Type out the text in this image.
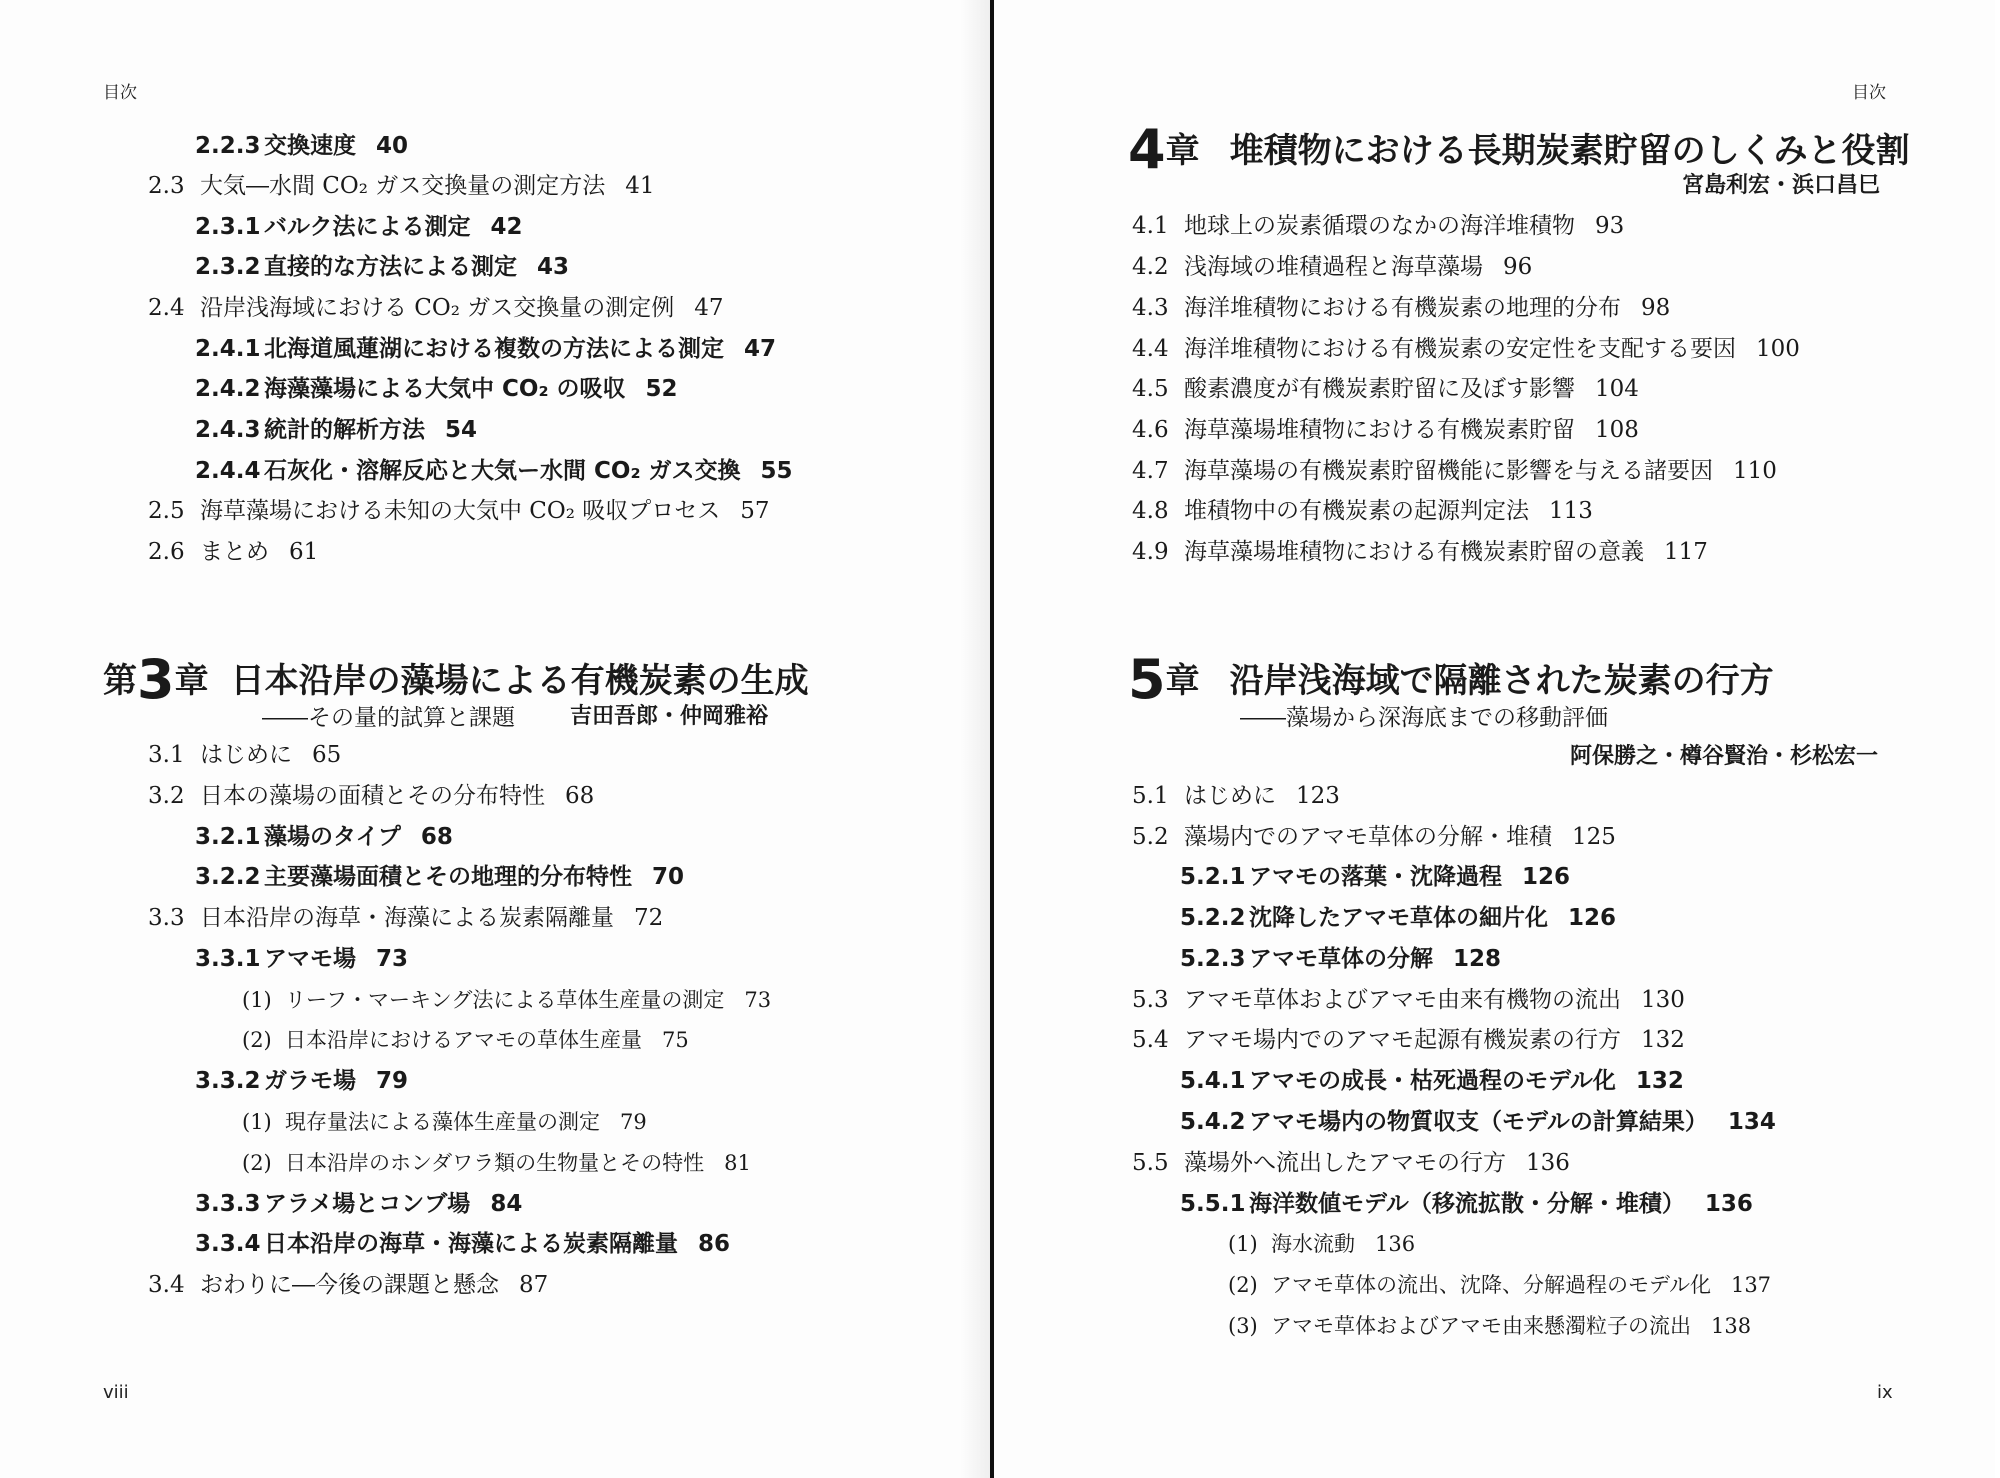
目次
2.2.3 交換速度 40
2.3 大気―水間 CO₂ ガス交換量の測定方法 41
2.3.1 バルク法による測定 42
2.3.2 直接的な方法による測定 43
2.4 沿岸浅海域における CO₂ ガス交換量の測定例 47
2.4.1 北海道風蓮湖における複数の方法による測定 47
2.4.2 海藻藻場による大気中 CO₂ の吸収 52
2.4.3 統計的解析方法 54
2.4.4 石灰化・溶解反応と大気ー水間 CO₂ ガス交換 55
2.5 海草藻場における未知の大気中 CO₂ 吸収プロセス 57
2.6 まとめ 61
第3章 日本沿岸の藻場による有機炭素の生成
――その量的試算と課題	吉田吾郎・仲岡雅裕
3.1 はじめに 65
3.2 日本の藻場の面積とその分布特性 68
3.2.1 藻場のタイプ 68
3.2.2 主要藻場面積とその地理的分布特性 70
3.3 日本沿岸の海草・海藻による炭素隔離量 72
3.3.1 アマモ場 73
(1) リーフ・マーキング法による草体生産量の測定 73
(2) 日本沿岸におけるアマモの草体生産量 75
3.3.2 ガラモ場 79
(1) 現存量法による藻体生産量の測定 79
(2) 日本沿岸のホンダワラ類の生物量とその特性 81
3.3.3 アラメ場とコンブ場 84
3.3.4 日本沿岸の海草・海藻による炭素隔離量 86
3.4 おわりに―今後の課題と懸念 87
viii
目次
4章 堆積物における長期炭素貯留のしくみと役割
宮島利宏・浜口昌巳
4.1 地球上の炭素循環のなかの海洋堆積物 93
4.2 浅海域の堆積過程と海草藻場 96
4.3 海洋堆積物における有機炭素の地理的分布 98
4.4 海洋堆積物における有機炭素の安定性を支配する要因 100
4.5 酸素濃度が有機炭素貯留に及ぼす影響 104
4.6 海草藻場堆積物における有機炭素貯留 108
4.7 海草藻場の有機炭素貯留機能に影響を与える諸要因 110
4.8 堆積物中の有機炭素の起源判定法 113
4.9 海草藻場堆積物における有機炭素貯留の意義 117
5章 沿岸浅海域で隔離された炭素の行方
――藻場から深海底までの移動評価
阿保勝之・樽谷賢治・杉松宏一
5.1 はじめに 123
5.2 藻場内でのアマモ草体の分解・堆積 125
5.2.1 アマモの落葉・沈降過程 126
5.2.2 沈降したアマモ草体の細片化 126
5.2.3 アマモ草体の分解 128
5.3 アマモ草体およびアマモ由来有機物の流出 130
5.4 アマモ場内でのアマモ起源有機炭素の行方 132
5.4.1 アマモの成長・枯死過程のモデル化 132
5.4.2 アマモ場内の物質収支（モデルの計算結果） 134
5.5 藻場外へ流出したアマモの行方 136
5.5.1 海洋数値モデル（移流拡散・分解・堆積） 136
(1) 海水流動 136
(2) アマモ草体の流出、沈降、分解過程のモデル化 137
(3) アマモ草体およびアマモ由来懸濁粒子の流出 138
ix
